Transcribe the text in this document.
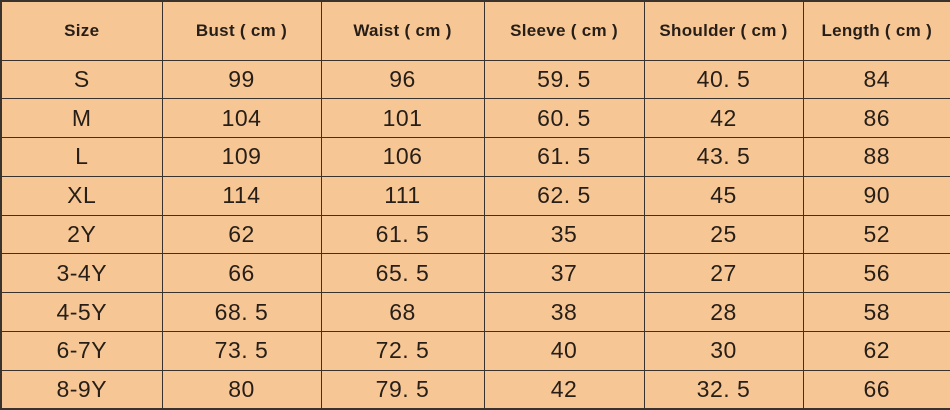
Size	Bust ( cm )	Waist ( cm )	Sleeve ( cm )	Shoulder ( cm )	Length ( cm )
S	99	96	59. 5	40. 5	84
M	104	101	60. 5	42	86
L	109	106	61. 5	43. 5	88
XL	114	111	62. 5	45	90
2Y	62	61. 5	35	25	52
3-4Y	66	65. 5	37	27	56
4-5Y	68. 5	68	38	28	58
6-7Y	73. 5	72. 5	40	30	62
8-9Y	80	79. 5	42	32. 5	66
